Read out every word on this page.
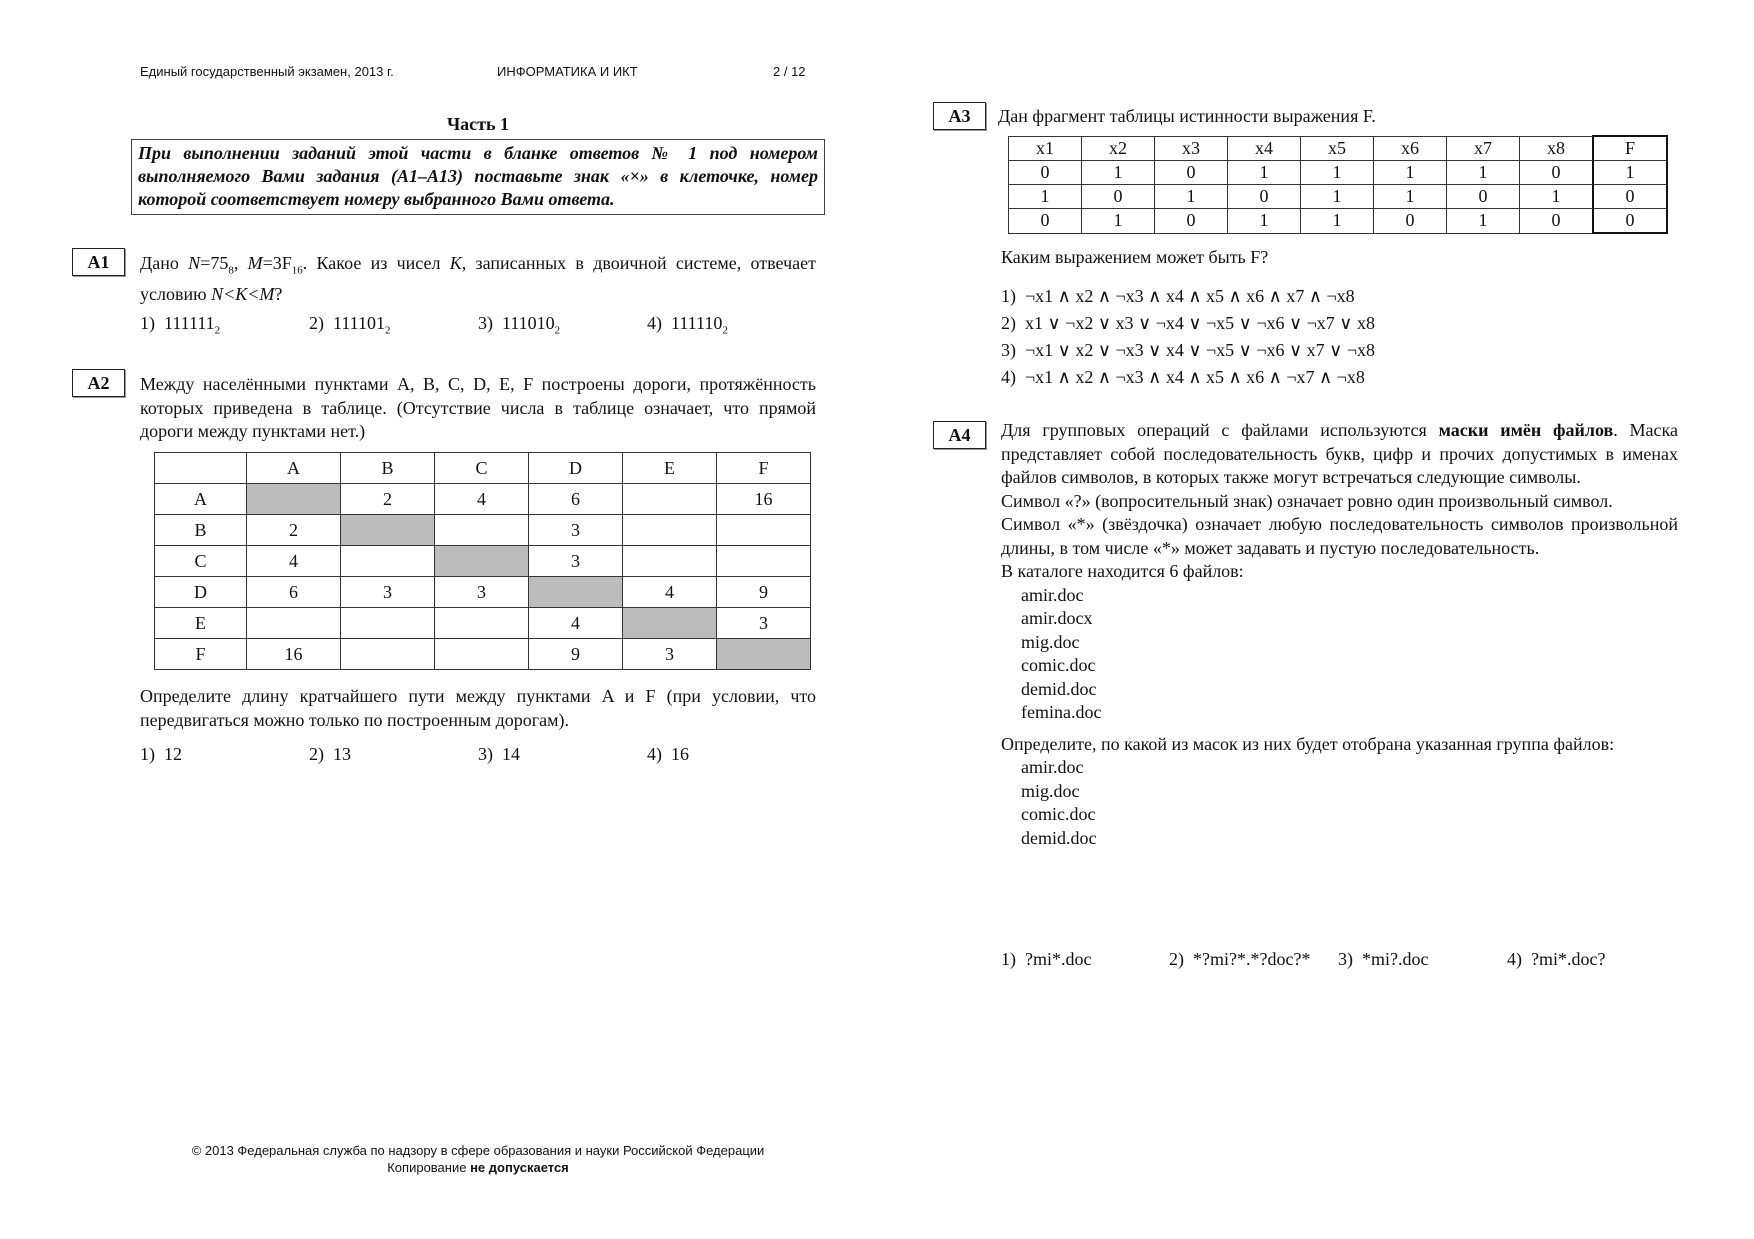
Единый государственный экзамен, 2013 г.	ИНФОРМАТИКА И ИКТ	2 / 12
Часть 1
При выполнении заданий этой части в бланке ответов № 1 под номером выполняемого Вами задания (А1–А13) поставьте знак «×» в клеточке, номер которой соответствует номеру выбранного Вами ответа.
A1	Дано $N=75_8$, $M=3F_{16}$. Какое из чисел K, записанных в двоичной системе, отвечает условию N<K<M?
1) $111111_2$	2) $111101_2$	3) $111010_2$	4) $111110_2$
A2	Между населёнными пунктами A, B, C, D, E, F построены дороги, протяжённость которых приведена в таблице. (Отсутствие числа в таблице означает, что прямой дороги между пунктами нет.)
	A	B	C	D	E	F
A		2	4	6		16
B	2			3		
C	4			3		
D	6	3	3		4	9
E				4		3
F	16			9	3	
Определите длину кратчайшего пути между пунктами A и F (при условии, что передвигаться можно только по построенным дорогам).
1) 12	2) 13	3) 14	4) 16
A3	Дан фрагмент таблицы истинности выражения F.
x1	x2	x3	x4	x5	x6	x7	x8	F
0	1	0	1	1	1	1	0	1
1	0	1	0	1	1	0	1	0
0	1	0	1	1	0	1	0	0
Каким выражением может быть F?
1) ¬x1 ∧ x2 ∧ ¬x3 ∧ x4 ∧ x5 ∧ x6 ∧ x7 ∧ ¬x8
2) x1 ∨ ¬x2 ∨ x3 ∨ ¬x4 ∨ ¬x5 ∨ ¬x6 ∨ ¬x7 ∨ x8
3) ¬x1 ∨ x2 ∨ ¬x3 ∨ x4 ∨ ¬x5 ∨ ¬x6 ∨ x7 ∨ ¬x8
4) ¬x1 ∧ x2 ∧ ¬x3 ∧ x4 ∧ x5 ∧ x6 ∧ ¬x7 ∧ ¬x8
A4	Для групповых операций с файлами используются маски имён файлов. Маска представляет собой последовательность букв, цифр и прочих допустимых в именах файлов символов, в которых также могут встречаться следующие символы.
Символ «?» (вопросительный знак) означает ровно один произвольный символ.
Символ «*» (звёздочка) означает любую последовательность символов произвольной длины, в том числе «*» может задавать и пустую последовательность.
В каталоге находится 6 файлов:
amir.doc
amir.docx
mig.doc
comic.doc
demid.doc
femina.doc
Определите, по какой из масок из них будет отобрана указанная группа файлов:
amir.doc
mig.doc
comic.doc
demid.doc
1) ?mi*.doc	2) *?mi?*.*?doc?* 3) *mi?.doc	4) ?mi*.doc?
© 2013 Федеральная служба по надзору в сфере образования и науки Российской Федерации
Копирование не допускается
